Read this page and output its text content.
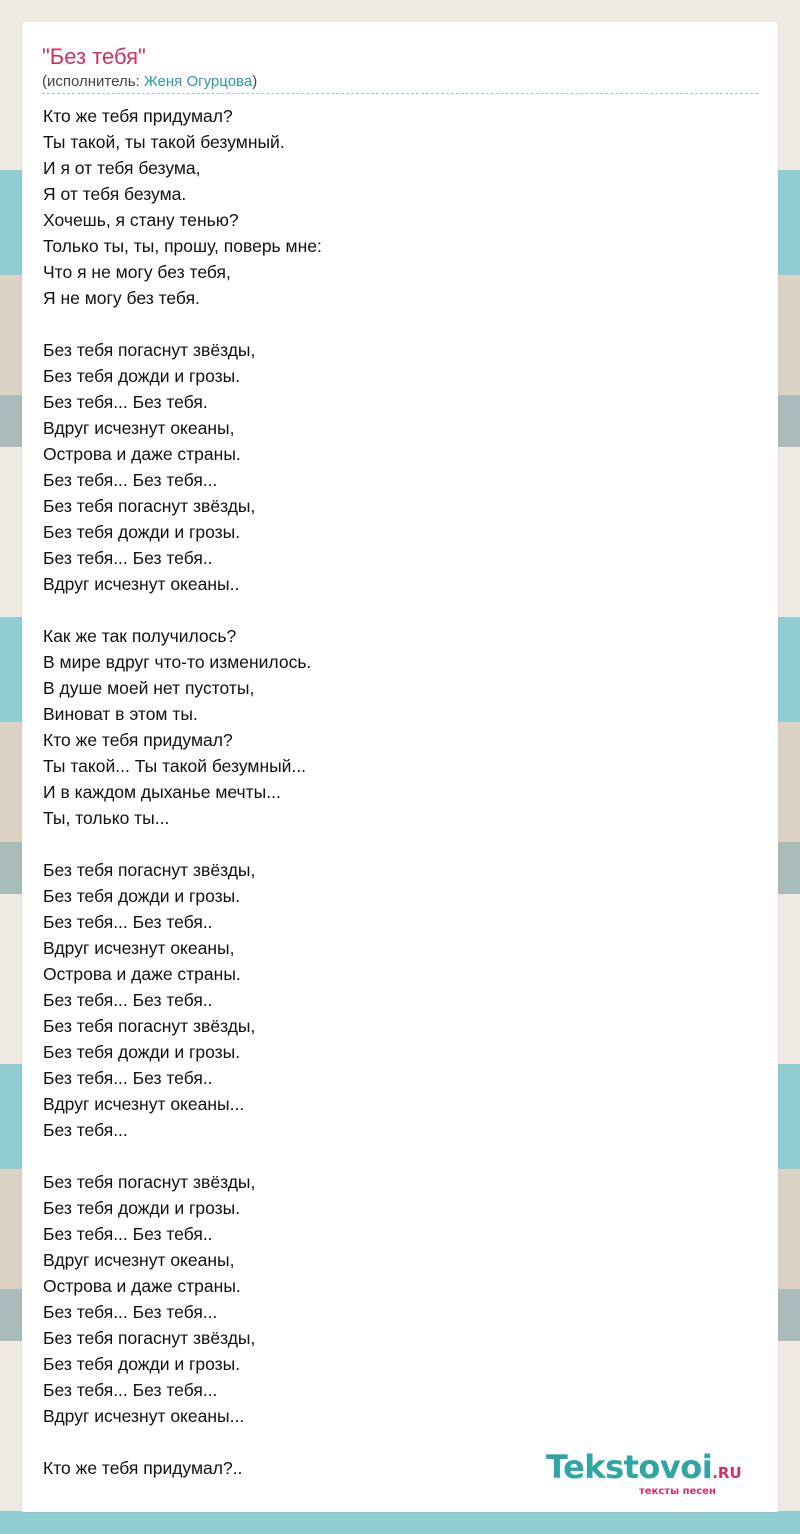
"Без тебя"
(исполнитель: Женя Огурцова)
Кто же тебя придумал?
Ты такой, ты такой безумный.
И я от тебя безума,
Я от тебя безума.
Хочешь, я стану тенью?
Только ты, ты, прошу, поверь мне:
Что я не могу без тебя,
Я не могу без тебя.
Без тебя погаснут звёзды,
Без тебя дожди и грозы.
Без тебя... Без тебя.
Вдруг исчезнут океаны,
Острова и даже страны.
Без тебя... Без тебя...
Без тебя погаснут звёзды,
Без тебя дожди и грозы.
Без тебя... Без тебя..
Вдруг исчезнут океаны..
Как же так получилось?
В мире вдруг что-то изменилось.
В душе моей нет пустоты,
Виноват в этом ты.
Кто же тебя придумал?
Ты такой... Ты такой безумный...
И в каждом дыханье мечты...
Ты, только ты...
Без тебя погаснут звёзды,
Без тебя дожди и грозы.
Без тебя... Без тебя..
Вдруг исчезнут океаны,
Острова и даже страны.
Без тебя... Без тебя..
Без тебя погаснут звёзды,
Без тебя дожди и грозы.
Без тебя... Без тебя..
Вдруг исчезнут океаны...
Без тебя...
Без тебя погаснут звёзды,
Без тебя дожди и грозы.
Без тебя... Без тебя..
Вдруг исчезнут океаны,
Острова и даже страны.
Без тебя... Без тебя...
Без тебя погаснут звёзды,
Без тебя дожди и грозы.
Без тебя... Без тебя...
Вдруг исчезнут океаны...
Кто же тебя придумал?..	Tekstovoi.RU
тексты песен
